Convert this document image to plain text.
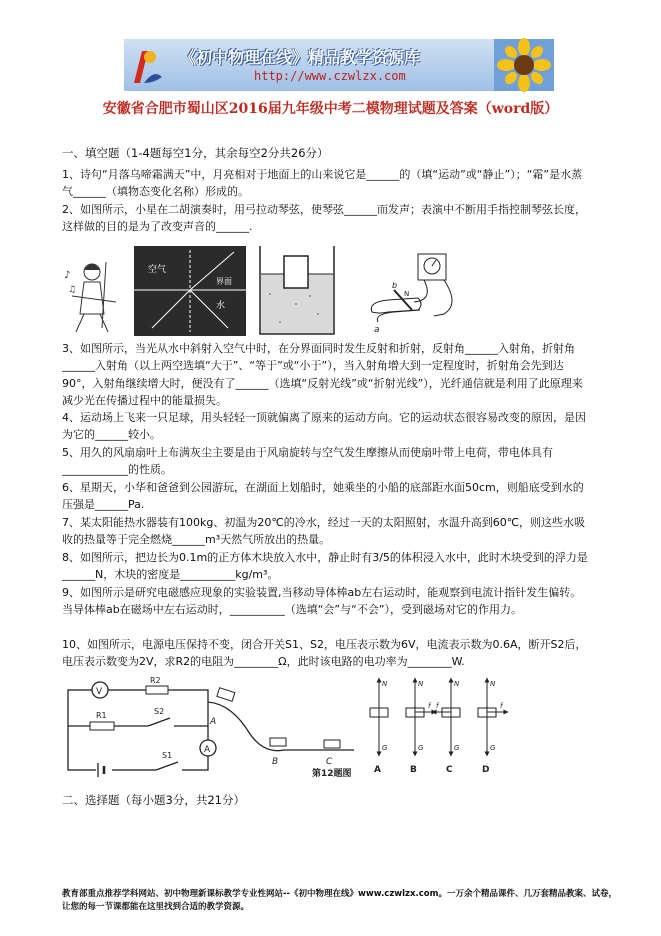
《初中物理在线》精品教学资源库
http://www.czwlzx.com
安徽省合肥市蜀山区2016届九年级中考二模物理试题及答案（word版）
一、填空题（1-4题每空1分，其余每空2分共26分）
1、诗句“月落乌啼霜满天”中，月亮相对于地面上的山来说它是______的（填“运动”或“静止”）；“霜”是水蒸气______（填物态变化名称）形成的。
2、如图所示，小星在二胡演奏时，用弓拉动琴弦，使琴弦______而发声；表演中不断用手指控制琴弦长度，这样做的目的是为了改变声音的______.
♪
♫
空气
界面
水
a
b
N
3、如图所示，当光从水中斜射入空气中时，在分界面同时发生反射和折射，反射角______入射角，折射角______入射角（以上两空选填“大于”、“等于”或“小于”），当入射角增大到一定程度时，折射角会先到达90°，入射角继续增大时，便没有了______（选填“反射光线”或“折射光线”），光纤通信就是利用了此原理来减少光在传播过程中的能量损失。
4、运动场上飞来一只足球，用头轻轻一顶就偏离了原来的运动方向。它的运动状态很容易改变的原因，是因为它的______较小。
5、用久的风扇扇叶上布满灰尘主要是由于风扇旋转与空气发生摩擦从而使扇叶带上电荷，带电体具有____________的性质。
6、星期天，小华和爸爸到公园游玩，在湖面上划船时，她乘坐的小船的底部距水面50cm，则船底受到水的压强是______Pa.
7、某太阳能热水器装有100kg、初温为20℃的冷水，经过一天的太阳照射，水温升高到60℃，则这些水吸收的热量等于完全燃烧______m³天然气所放出的热量。
8、如图所示，把边长为0.1m的正方体木块放入水中，静止时有3/5的体积浸入水中，此时木块受到的浮力是______N，木块的密度是__________kg/m³。
9、如图所示是研究电磁感应现象的实验装置,当移动导体棒ab左右运动时，能观察到电流计指针发生偏转。当导体棒ab在磁场中左右运动时，__________（选填“会”与“不会”），受到磁场对它的作用力。
10、如图所示，电源电压保持不变，闭合开关S1、S2，电压表示数为6V，电流表示数为0.6A，断开S2后，电压表示数变为2V，求R2的电阻为________Ω，此时该电路的电功率为________W.
V
R2
R1	S2
A
S1
A
B	C
第12题图
N
G
N
G
f
N
G
f
N
G
f
A	B	C	D
二、选择题（每小题3分，共21分）
教育部重点推荐学科网站、初中物理新课标教学专业性网站--《初中物理在线》www.czwlzx.com。一万余个精品课件、几万套精品教案、试卷，让您的每一节课都能在这里找到合适的教学资源。
